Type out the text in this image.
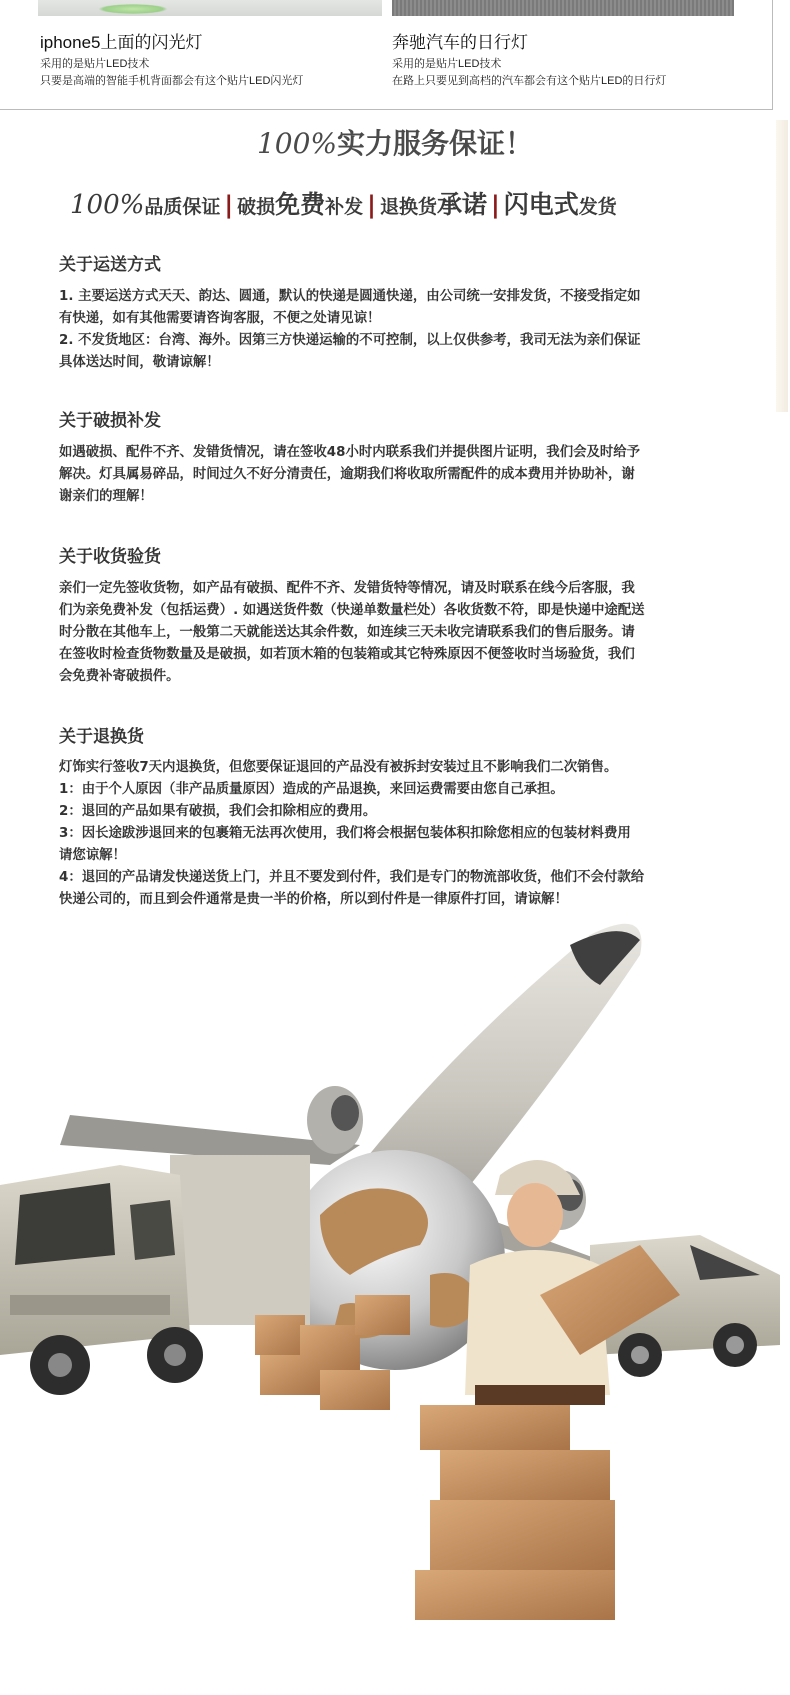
iphone5上面的闪光灯
采用的是贴片LED技术
只要是高端的智能手机背面都会有这个贴片LED闪光灯
奔驰汽车的日行灯
采用的是贴片LED技术
在路上只要见到高档的汽车都会有这个贴片LED的日行灯
100%实力服务保证！
100%品质保证 | 破损免费补发 | 退换货承诺 | 闪电式发货
关于运送方式
1. 主要运送方式天天、韵达、圆通，默认的快递是圆通快递，由公司统一安排发货，不接受指定如
有快递，如有其他需要请咨询客服，不便之处请见谅！
2. 不发货地区：台湾、海外。因第三方快递运输的不可控制，以上仅供参考，我司无法为亲们保证
具体送达时间，敬请谅解！
关于破损补发
如遇破损、配件不齐、发错货情况，请在签收48小时内联系我们并提供图片证明，我们会及时给予
解决。灯具属易碎品，时间过久不好分清责任，逾期我们将收取所需配件的成本费用并协助补，谢
谢亲们的理解！
关于收货验货
亲们一定先签收货物，如产品有破损、配件不齐、发错货特等情况，请及时联系在线今后客服，我
们为亲免费补发（包括运费）. 如遇送货件数（快递单数量栏处）各收货数不符，即是快递中途配送
时分散在其他车上，一般第二天就能送达其余件数，如连续三天未收完请联系我们的售后服务。请
在签收时检查货物数量及是破损，如若顶木箱的包装箱或其它特殊原因不便签收时当场验货，我们
会免费补寄破损件。
关于退换货
灯饰实行签收7天内退换货，但您要保证退回的产品没有被拆封安装过且不影响我们二次销售。
1：由于个人原因（非产品质量原因）造成的产品退换，来回运费需要由您自己承担。
2：退回的产品如果有破损，我们会扣除相应的费用。
3：因长途跋涉退回来的包裹箱无法再次使用，我们将会根据包装体积扣除您相应的包装材料费用
请您谅解！
4：退回的产品请发快递送货上门，并且不要发到付件，我们是专门的物流部收货，他们不会付款给
快递公司的，而且到会件通常是贵一半的价格，所以到付件是一律原件打回，请谅解！
